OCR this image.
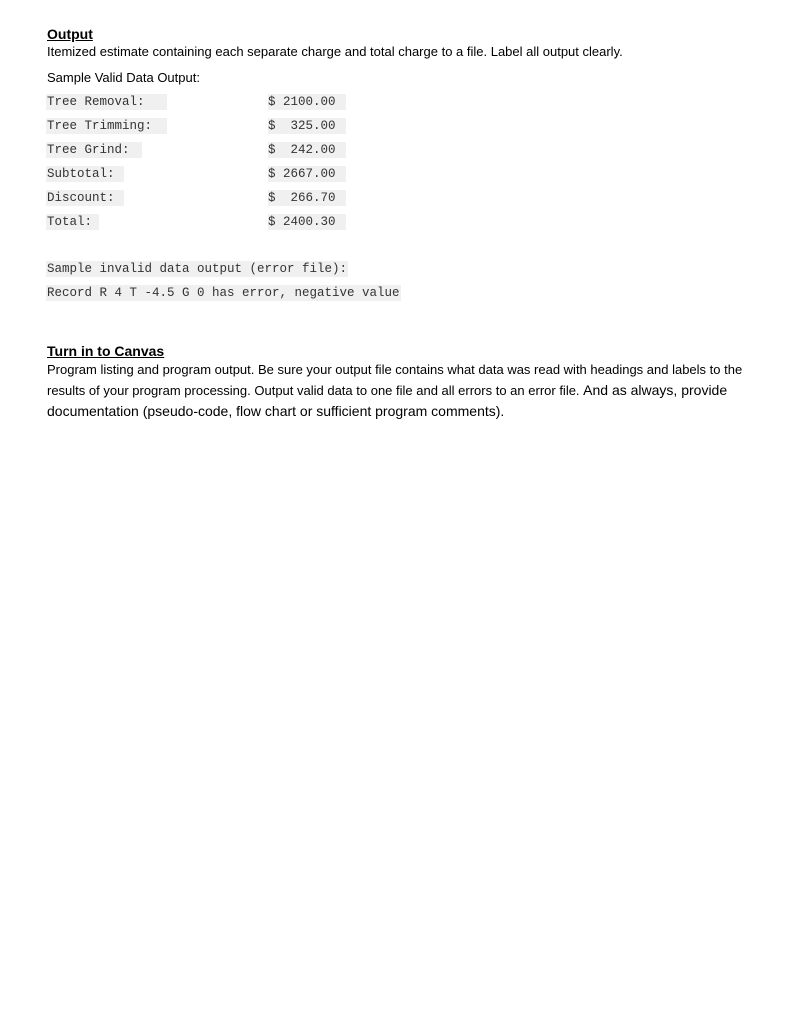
Output
Itemized estimate containing each separate charge and total charge to a file. Label all output clearly.
Sample Valid Data Output:
Tree Removal:	$ 2100.00
Tree Trimming:	$  325.00
Tree Grind:	$  242.00
Subtotal:	$ 2667.00
Discount:	$  266.70
Total:	$ 2400.30
Sample invalid data output (error file):
Record R 4 T -4.5 G 0 has error, negative value
Turn in to Canvas

Program listing and program output. Be sure your output file contains what data was read with headings and labels to the results of your program processing. Output valid data to one file and all errors to an error file. And as always, provide documentation (pseudo-code, flow chart or sufficient program comments).
